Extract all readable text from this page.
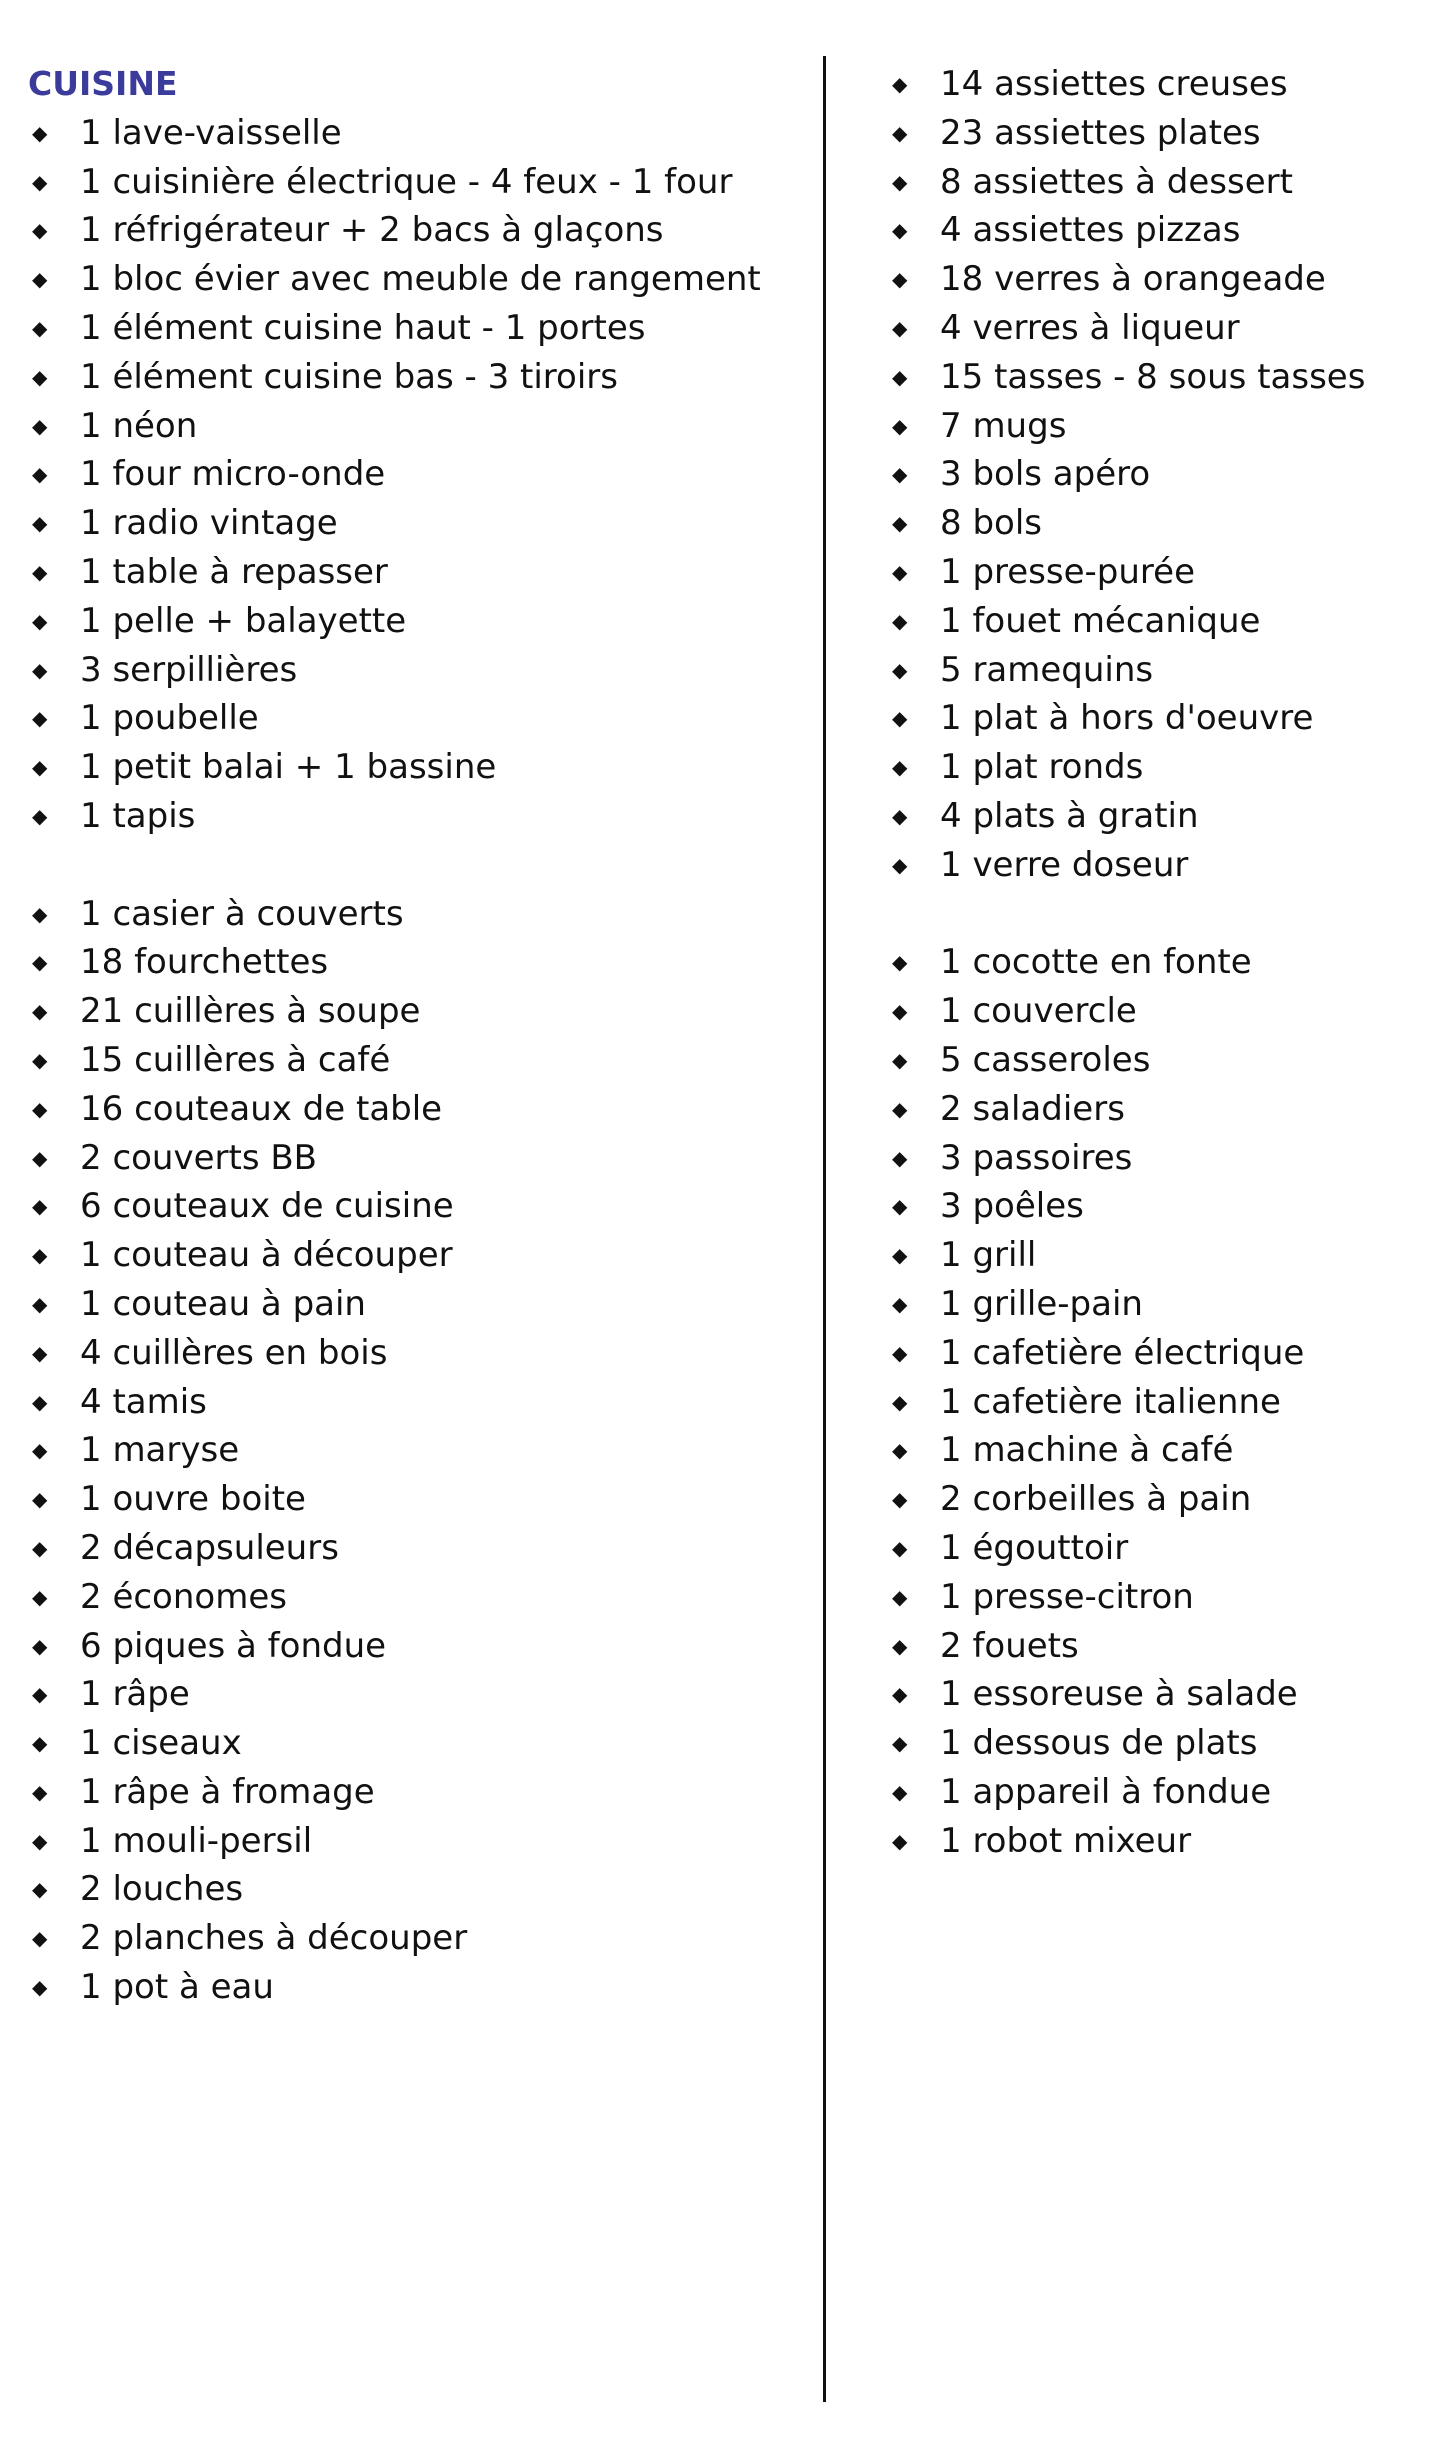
CUISINE
◆ 1 lave-vaisselle
◆ 1 cuisinière électrique - 4 feux - 1 four
◆ 1 réfrigérateur + 2 bacs à glaçons
◆ 1 bloc évier avec meuble de rangement
◆ 1 élément cuisine haut - 1 portes
◆ 1 élément cuisine bas - 3 tiroirs
◆ 1 néon
◆ 1 four micro-onde
◆ 1 radio vintage
◆ 1 table à repasser
◆ 1 pelle + balayette
◆ 3 serpillières
◆ 1 poubelle
◆ 1 petit balai + 1 bassine
◆ 1 tapis
◆ 1 casier à couverts
◆ 18 fourchettes
◆ 21 cuillères à soupe
◆ 15 cuillères à café
◆ 16 couteaux de table
◆ 2 couverts BB
◆ 6 couteaux de cuisine
◆ 1 couteau à découper
◆ 1 couteau à pain
◆ 4 cuillères en bois
◆ 4 tamis
◆ 1 maryse
◆ 1 ouvre boite
◆ 2 décapsuleurs
◆ 2 économes
◆ 6 piques à fondue
◆ 1 râpe
◆ 1 ciseaux
◆ 1 râpe à fromage
◆ 1 mouli-persil
◆ 2 louches
◆ 2 planches à découper
◆ 1 pot à eau
◆ 14 assiettes creuses
◆ 23 assiettes plates
◆ 8 assiettes à dessert
◆ 4 assiettes pizzas
◆ 18 verres à orangeade
◆ 4 verres à liqueur
◆ 15 tasses - 8 sous tasses
◆ 7 mugs
◆ 3 bols apéro
◆ 8 bols
◆ 1 presse-purée
◆ 1 fouet mécanique
◆ 5 ramequins
◆ 1 plat à hors d'oeuvre
◆ 1 plat ronds
◆ 4 plats à gratin
◆ 1 verre doseur
◆ 1 cocotte en fonte
◆ 1 couvercle
◆ 5 casseroles
◆ 2 saladiers
◆ 3 passoires
◆ 3 poêles
◆ 1 grill
◆ 1 grille-pain
◆ 1 cafetière électrique
◆ 1 cafetière italienne
◆ 1 machine à café
◆ 2 corbeilles à pain
◆ 1 égouttoir
◆ 1 presse-citron
◆ 2 fouets
◆ 1 essoreuse à salade
◆ 1 dessous de plats
◆ 1 appareil à fondue
◆ 1 robot mixeur
